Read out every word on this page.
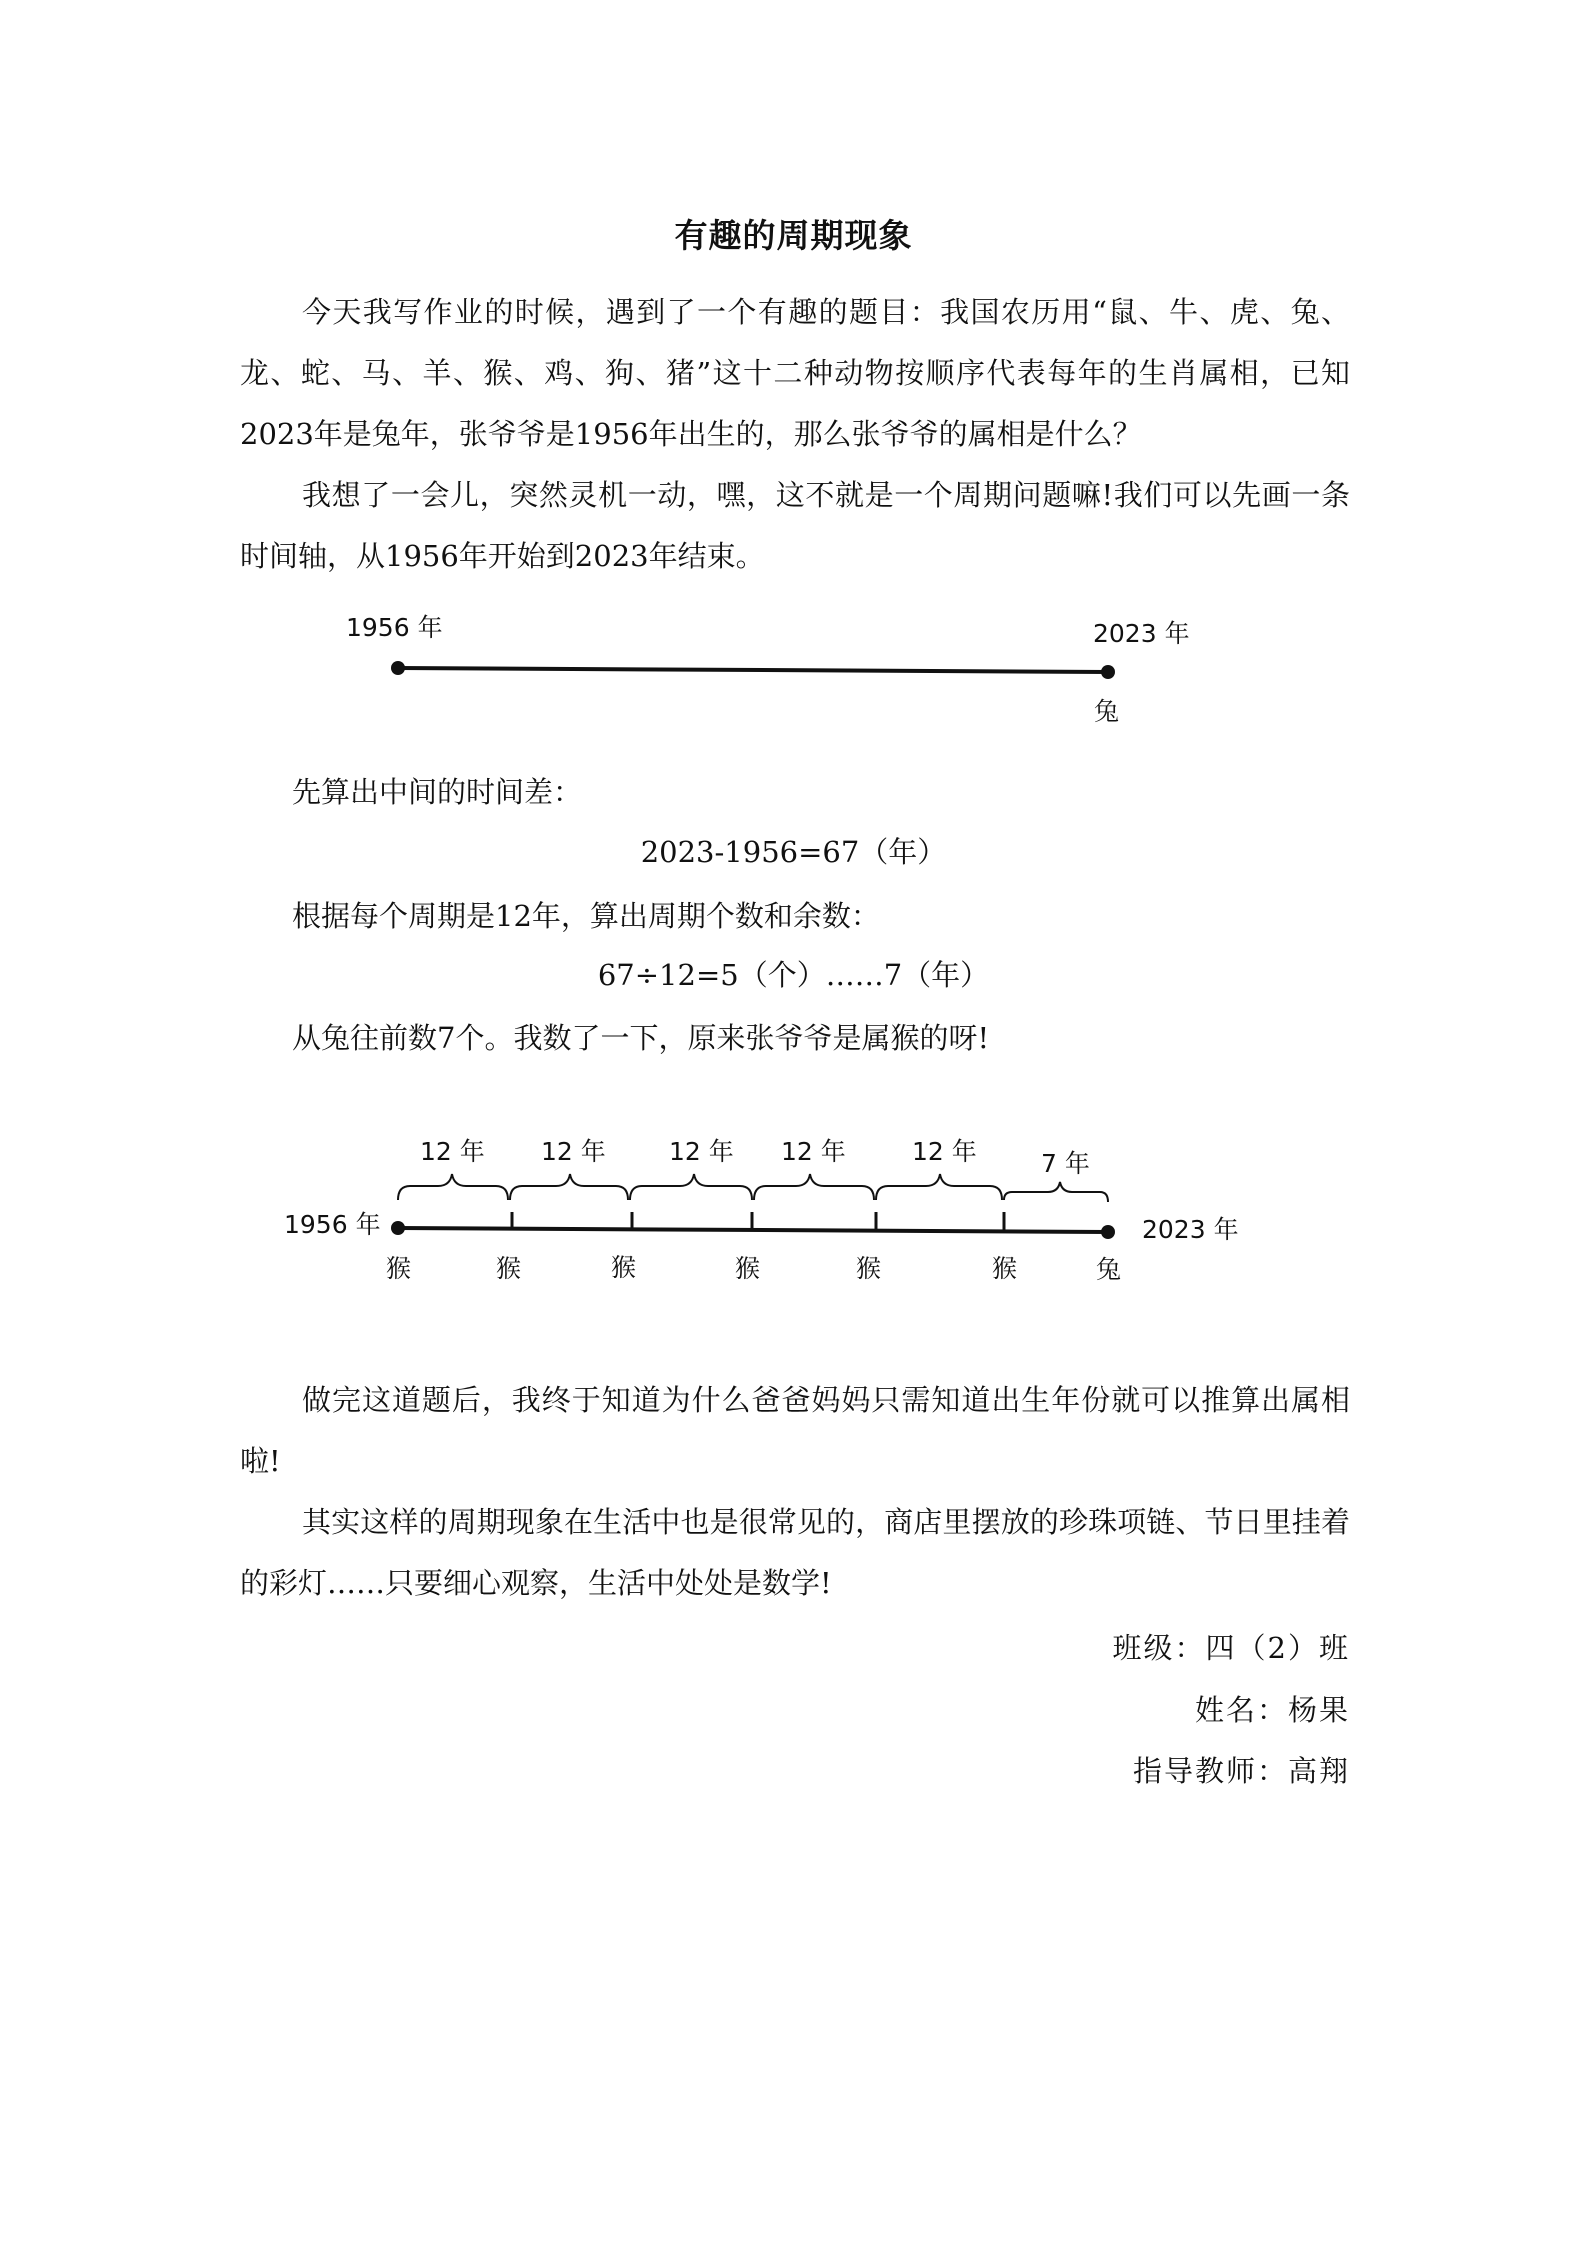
有趣的周期现象

今天我写作业的时候，遇到了一个有趣的题目：我国农历用“鼠、牛、虎、兔、龙、蛇、马、羊、猴、鸡、狗、猪”这十二种动物按顺序代表每年的生肖属相，已知2023年是兔年，张爷爷是1956年出生的，那么张爷爷的属相是什么？

我想了一会儿，突然灵机一动，嘿，这不就是一个周期问题嘛!我们可以先画一条时间轴，从1956年开始到2023年结束。

1956 年	2023 年
兔
先算出中间的时间差：
2023-1956=67（年）
根据每个周期是12年，算出周期个数和余数：
67÷12=5（个）……7（年）
从兔往前数7个。我数了一下，原来张爷爷是属猴的呀!
12 年 12 年	12 年 12 年	12 年	7 年
1956 年	2023 年
猴	猴	猴	猴	猴	猴	兔

做完这道题后，我终于知道为什么爸爸妈妈只需知道出生年份就可以推算出属相啦!

其实这样的周期现象在生活中也是很常见的，商店里摆放的珍珠项链、节日里挂着的彩灯……只要细心观察，生活中处处是数学!

班级：四（2）班
姓名：杨果
指导教师：高翔
